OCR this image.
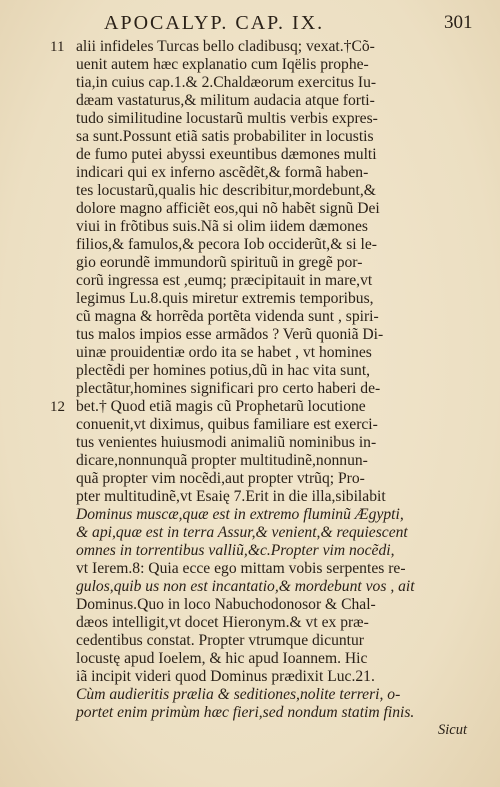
APOCALYP. CAP. IX.	301
11 alii infideles Turcas bello cladibusq; vexat.†Cõ-
uenit autem hæc explanatio cum Iqëlis prophe-
tia,in cuius cap.1.& 2.Chaldæorum exercitus Iu-
dæam vastaturus,& militum audacia atque forti-
tudo similitudine locustarũ multis verbis expres-
sa sunt.Possunt etiã satis probabiliter in locustis
de fumo putei abyssi exeuntibus dæmones multi
indicari qui ex inferno ascẽdẽt,& formã haben-
tes locustarũ,qualis hic describitur,mordebunt,&
dolore magno afficiẽt eos,qui nõ habẽt signũ Dei
viui in frõtibus suis.Nã si olim iidem dæmones
filios,& famulos,& pecora Iob occiderũt,& si le-
gio eorundẽ immundorũ spirituũ in gregẽ por-
corũ ingressa est ,eumq; præcipitauit in mare,vt
legimus Lu.8.quis miretur extremis temporibus,
cũ magna & horrẽda portẽta videnda sunt , spiri-
tus malos impios esse armãdos ? Verũ quoniã Di-
uinæ prouidentiæ ordo ita se habet , vt homines
plectẽdi per homines potius,dũ in hac vita sunt,
plectãtur,homines significari pro certo haberi de-
12 bet.† Quod etiã magis cũ Prophetarũ locutione
conuenit,vt diximus, quibus familiare est exerci-
tus venientes huiusmodi animaliũ nominibus in-
dicare,nonnunquã propter multitudinẽ,nonnun-
quã propter vim nocẽdi,aut propter vtrũq; Pro-
pter multitudinẽ,vt Esaię 7.Erit in die illa,sibilabit
Dominus muscæ,quæ est in extremo fluminũ Ægypti,
& api,quæ est in terra Assur,& venient,& requiescent
omnes in torrentibus valliũ,&c.Propter vim nocẽdi,
vt Ierem.8: Quia ecce ego mittam vobis serpentes re-
gulos,quib us non est incantatio,& mordebunt vos , ait
Dominus.Quo in loco Nabuchodonosor & Chal-
dæos intelligit,vt docet Hieronym.& vt ex præ-
cedentibus constat. Propter vtrumque dicuntur
locustę apud Ioelem, & hic apud Ioannem. Hic
iã incipit videri quod Dominus prædixit Luc.21.
Cùm audieritis prælia & seditiones,nolite terreri, o-
portet enim primùm hæc fieri,sed nondum statim finis.
Sicut
